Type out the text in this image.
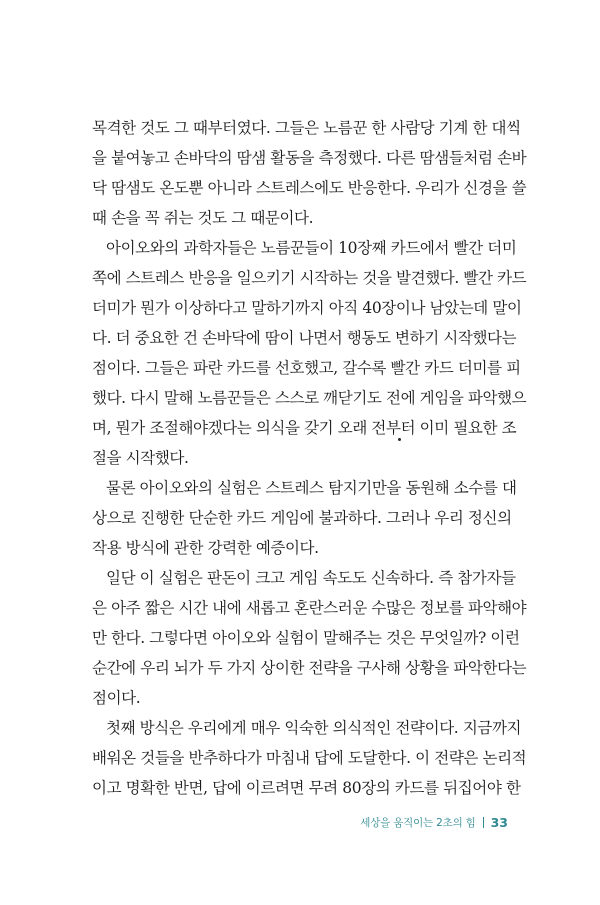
목격한 것도 그 때부터였다. 그들은 노름꾼 한 사람당 기계 한 대씩
을 붙여놓고 손바닥의 땀샘 활동을 측정했다. 다른 땀샘들처럼 손바
닥 땀샘도 온도뿐 아니라 스트레스에도 반응한다. 우리가 신경을 쓸
때 손을 꼭 쥐는 것도 그 때문이다.
아이오와의 과학자들은 노름꾼들이 10장째 카드에서 빨간 더미
쪽에 스트레스 반응을 일으키기 시작하는 것을 발견했다. 빨간 카드
더미가 뭔가 이상하다고 말하기까지 아직 40장이나 남았는데 말이
다. 더 중요한 건 손바닥에 땀이 나면서 행동도 변하기 시작했다는
점이다. 그들은 파란 카드를 선호했고, 갈수록 빨간 카드 더미를 피
했다. 다시 말해 노름꾼들은 스스로 깨닫기도 전에 게임을 파악했으
며, 뭔가 조절해야겠다는 의식을 갖기 오래 전부터 이미 필요한 조
절을 시작했다.
물론 아이오와의 실험은 스트레스 탐지기만을 동원해 소수를 대
상으로 진행한 단순한 카드 게임에 불과하다. 그러나 우리 정신의
작용 방식에 관한 강력한 예증이다.
일단 이 실험은 판돈이 크고 게임 속도도 신속하다. 즉 참가자들
은 아주 짧은 시간 내에 새롭고 혼란스러운 수많은 정보를 파악해야
만 한다. 그렇다면 아이오와 실험이 말해주는 것은 무엇일까? 이런
순간에 우리 뇌가 두 가지 상이한 전략을 구사해 상황을 파악한다는
점이다.
첫째 방식은 우리에게 매우 익숙한 의식적인 전략이다. 지금까지
배워온 것들을 반추하다가 마침내 답에 도달한다. 이 전략은 논리적
이고 명확한 반면, 답에 이르려면 무려 80장의 카드를 뒤집어야 한
세상을 움직이는 2초의 힘 33
